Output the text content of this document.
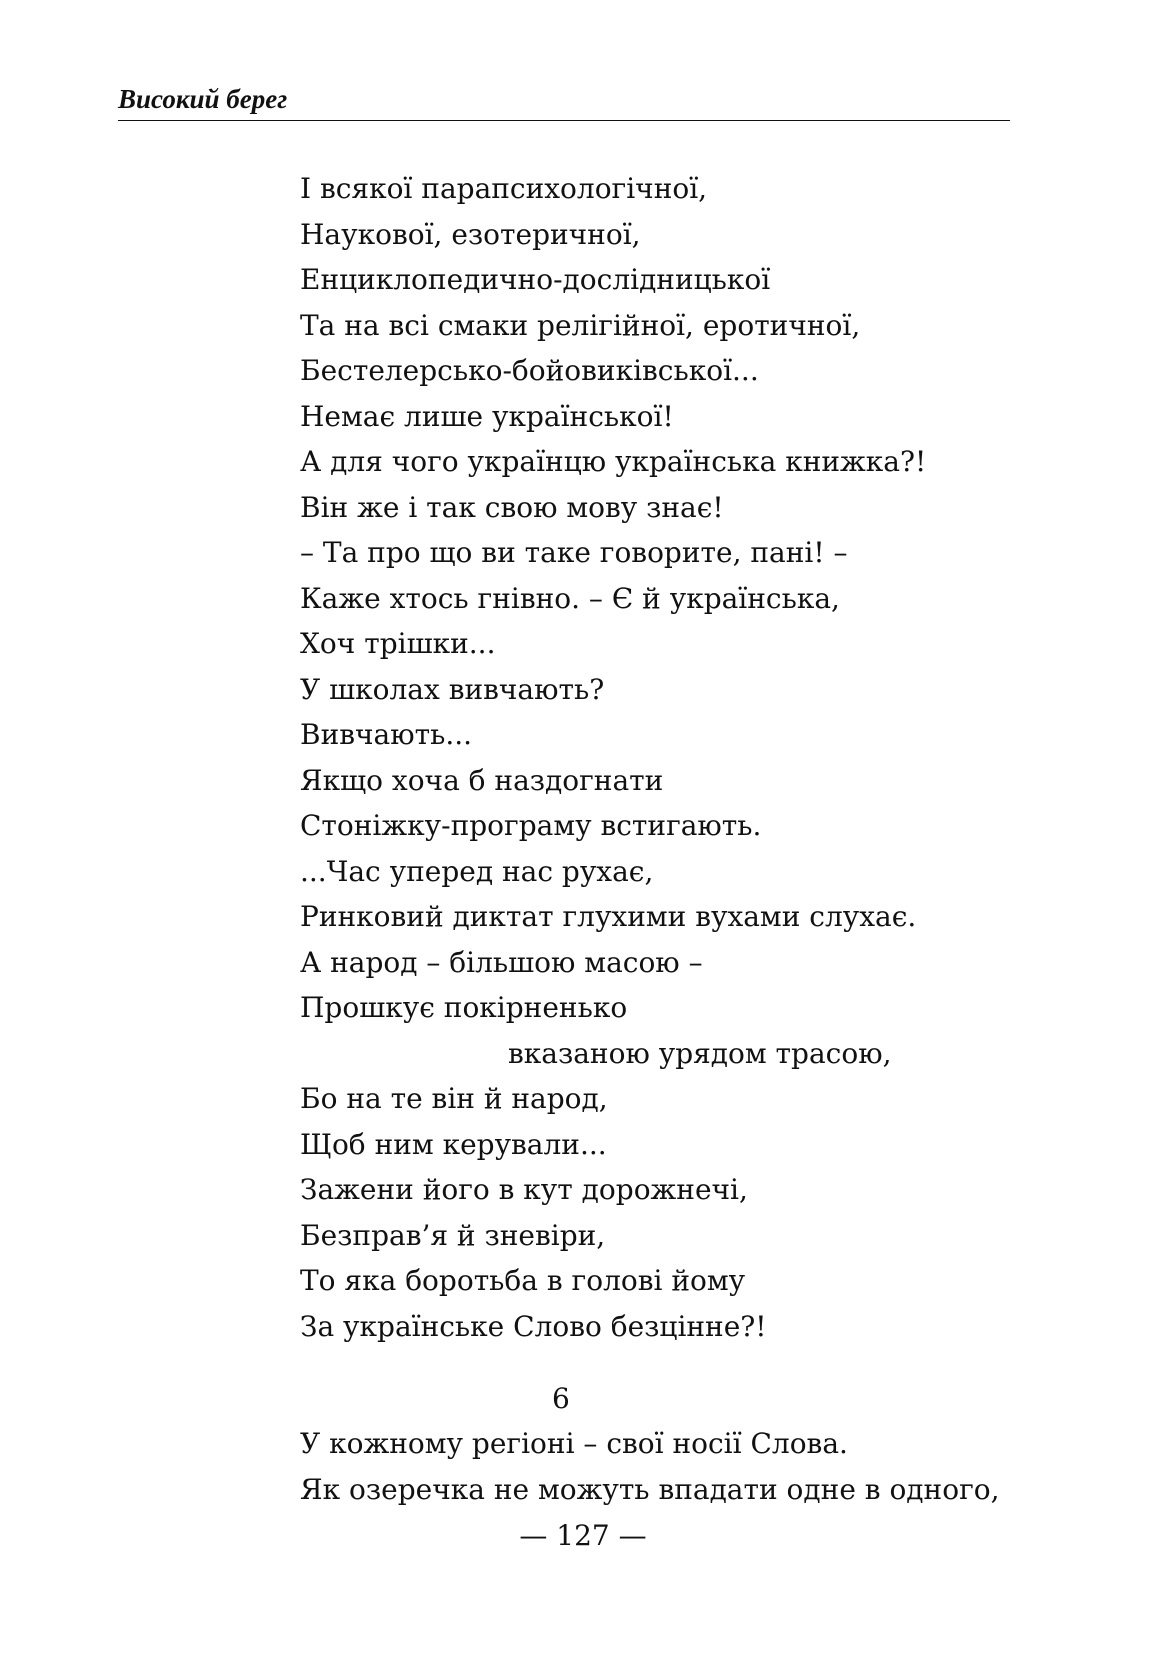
Високий берег
І всякої парапсихологічної,
Наукової, езотеричної,
Енциклопедично-дослідницької
Та на всі смаки релігійної, еротичної,
Бестелерсько-бойовиківської...
Немає лише української!
А для чого українцю українська книжка?!
Він же і так свою мову знає!
– Та про що ви таке говорите, пані! –
Каже хтось гнівно. – Є й українська,
Хоч трішки...
У школах вивчають?
Вивчають...
Якщо хоча б наздогнати
Стоніжку-програму встигають.
...Час уперед нас рухає,
Ринковий диктат глухими вухами слухає.
А народ – більшою масою –
Прошкує покірненько
вказаною урядом трасою,
Бо на те він й народ,
Щоб ним керували...
Зажени його в кут дорожнечі,
Безправ’я й зневіри,
То яка боротьба в голові йому
За українське Слово безцінне?!
6
У кожному регіоні – свої носії Слова.
Як озеречка не можуть впадати одне в одного,
— 127 —
